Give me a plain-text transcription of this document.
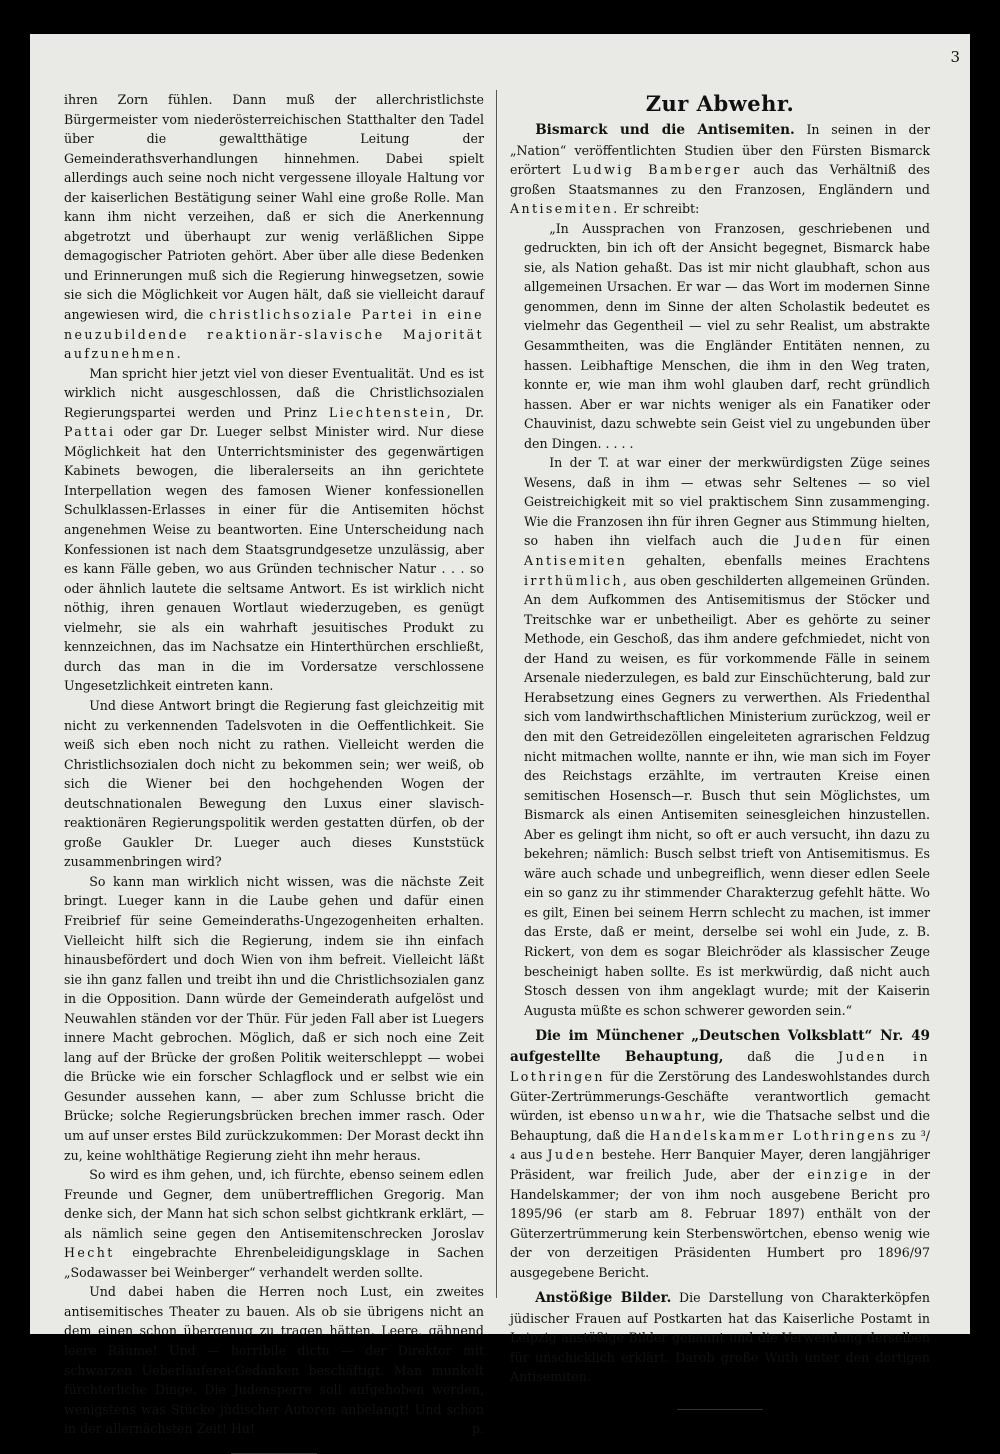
3

ihren Zorn fühlen. Dann muß der allerchristlichste Bürgermeister vom niederösterreichischen Statthalter den Tadel über die gewaltthätige Leitung der Gemeinderathsverhandlungen hinnehmen. Dabei spielt allerdings auch seine noch nicht vergessene illoyale Haltung vor der kaiserlichen Bestätigung seiner Wahl eine große Rolle. Man kann ihm nicht verzeihen, daß er sich die Anerkennung abgetrotzt und überhaupt zur wenig verläßlichen Sippe demagogischer Patrioten gehört. Aber über alle diese Bedenken und Erinnerungen muß sich die Regierung hinwegsetzen, sowie sie sich die Möglichkeit vor Augen hält, daß sie vielleicht darauf angewiesen wird, die christlichsoziale Partei in eine neuzubildende reaktionär-slavische Majorität aufzunehmen.

Man spricht hier jetzt viel von dieser Eventualität. Und es ist wirklich nicht ausgeschlossen, daß die Christlichsozialen Regierungspartei werden und Prinz Liechtenstein, Dr. Pattai oder gar Dr. Lueger selbst Minister wird. Nur diese Möglichkeit hat den Unterrichtsminister des gegenwärtigen Kabinets bewogen, die liberalerseits an ihn gerichtete Interpellation wegen des famosen Wiener konfessionellen Schulklassen-Erlasses in einer für die Antisemiten höchst angenehmen Weise zu beantworten. Eine Unterscheidung nach Konfessionen ist nach dem Staatsgrundgesetze unzulässig, aber es kann Fälle geben, wo aus Gründen technischer Natur . . . so oder ähnlich lautete die seltsame Antwort. Es ist wirklich nicht nöthig, ihren genauen Wortlaut wiederzugeben, es genügt vielmehr, sie als ein wahrhaft jesuitisches Produkt zu kennzeichnen, das im Nachsatze ein Hinterthürchen erschließt, durch das man in die im Vordersatze verschlossene Ungesetzlichkeit eintreten kann.

Und diese Antwort bringt die Regierung fast gleichzeitig mit nicht zu verkennenden Tadelsvoten in die Oeffentlichkeit. Sie weiß sich eben noch nicht zu rathen. Vielleicht werden die Christlichsozialen doch nicht zu bekommen sein; wer weiß, ob sich die Wiener bei den hochgehenden Wogen der deutschnationalen Bewegung den Luxus einer slavisch-reaktionären Regierungspolitik werden gestatten dürfen, ob der große Gaukler Dr. Lueger auch dieses Kunststück zusammenbringen wird?

So kann man wirklich nicht wissen, was die nächste Zeit bringt. Lueger kann in die Laube gehen und dafür einen Freibrief für seine Gemeinderaths-Ungezogenheiten erhalten. Vielleicht hilft sich die Regierung, indem sie ihn einfach hinausbefördert und doch Wien von ihm befreit. Vielleicht läßt sie ihn ganz fallen und treibt ihn und die Christlichsozialen ganz in die Opposition. Dann würde der Gemeinderath aufgelöst und Neuwahlen ständen vor der Thür. Für jeden Fall aber ist Luegers innere Macht gebrochen. Möglich, daß er sich noch eine Zeit lang auf der Brücke der großen Politik weiterschleppt — wobei die Brücke wie ein forscher Schlagflock und er selbst wie ein Gesunder aussehen kann, — aber zum Schlusse bricht die Brücke; solche Regierungsbrücken brechen immer rasch. Oder um auf unser erstes Bild zurückzukommen: Der Morast deckt ihn zu, keine wohlthätige Regierung zieht ihn mehr heraus.

So wird es ihm gehen, und, ich fürchte, ebenso seinem edlen Freunde und Gegner, dem unübertrefflichen Gregorig. Man denke sich, der Mann hat sich schon selbst gichtkrank erklärt, — als nämlich seine gegen den Antisemitenschrecken Joroslav Hecht eingebrachte Ehrenbeleidigungsklage in Sachen „Sodawasser bei Weinberger“ verhandelt werden sollte.

Und dabei haben die Herren noch Lust, ein zweites antisemitisches Theater zu bauen. Als ob sie übrigens nicht an dem einen schon übergenug zu tragen hätten. Leere, gähnend leere Räume! Und — horribile dictu — der Direktor mit schwarzen Ueberläuferei-Gedanken beschäftigt. Man munkelt fürchterliche Dinge. Die Judensperre soll aufgehoben werden, wenigstens was Stücke jüdischer Autoren anbelangt! Und schon in der allernächsten Zeit! Hu!	p.

Zur Abwehr.

Bismarck und die Antisemiten. In seinen in der „Nation“ veröffentlichten Studien über den Fürsten Bismarck erörtert Ludwig Bamberger auch das Verhältniß des großen Staatsmannes zu den Franzosen, Engländern und Antisemiten. Er schreibt:

„In Aussprachen von Franzosen, geschriebenen und gedruckten, bin ich oft der Ansicht begegnet, Bismarck habe sie, als Nation gehaßt. Das ist mir nicht glaubhaft, schon aus allgemeinen Ursachen. Er war — das Wort im modernen Sinne genommen, denn im Sinne der alten Scholastik bedeutet es vielmehr das Gegentheil — viel zu sehr Realist, um abstrakte Gesammtheiten, was die Engländer Entitäten nennen, zu hassen. Leibhaftige Menschen, die ihm in den Weg traten, konnte er, wie man ihm wohl glauben darf, recht gründlich hassen. Aber er war nichts weniger als ein Fanatiker oder Chauvinist, dazu schwebte sein Geist viel zu ungebunden über den Dingen. . . . .

In der T. at war einer der merkwürdigsten Züge seines Wesens, daß in ihm — etwas sehr Seltenes — so viel Geistreichigkeit mit so viel praktischem Sinn zusammenging. Wie die Franzosen ihn für ihren Gegner aus Stimmung hielten, so haben ihn vielfach auch die Juden für einen Antisemiten gehalten, ebenfalls meines Erachtens irrthümlich, aus oben geschilderten allgemeinen Gründen. An dem Aufkommen des Antisemitismus der Stöcker und Treitschke war er unbetheiligt. Aber es gehörte zu seiner Methode, ein Geschoß, das ihm andere gefchmiedet, nicht von der Hand zu weisen, es für vorkommende Fälle in seinem Arsenale niederzulegen, es bald zur Einschüchterung, bald zur Herabsetzung eines Gegners zu verwerthen. Als Friedenthal sich vom landwirthschaftlichen Ministerium zurückzog, weil er den mit den Getreidezöllen eingeleiteten agrarischen Feldzug nicht mitmachen wollte, nannte er ihn, wie man sich im Foyer des Reichstags erzählte, im vertrauten Kreise einen semitischen Hosensch—r. Busch thut sein Möglichstes, um Bismarck als einen Antisemiten seinesgleichen hinzustellen. Aber es gelingt ihm nicht, so oft er auch versucht, ihn dazu zu bekehren; nämlich: Busch selbst trieft von Antisemitismus. Es wäre auch schade und unbegreiflich, wenn dieser edlen Seele ein so ganz zu ihr stimmender Charakterzug gefehlt hätte. Wo es gilt, Einen bei seinem Herrn schlecht zu machen, ist immer das Erste, daß er meint, derselbe sei wohl ein Jude, z. B. Rickert, von dem es sogar Bleichröder als klassischer Zeuge bescheinigt haben sollte. Es ist merkwürdig, daß nicht auch Stosch dessen von ihm angeklagt wurde; mit der Kaiserin Augusta müßte es schon schwerer geworden sein.“

Die im Münchener „Deutschen Volksblatt“ Nr. 49 aufgestellte Behauptung, daß die Juden in Lothringen für die Zerstörung des Landeswohlstandes durch Güter-Zertrümmerungs-Geschäfte verantwortlich gemacht würden, ist ebenso unwahr, wie die Thatsache selbst und die Behauptung, daß die Handelskammer Lothringens zu ³/₄ aus Juden bestehe. Herr Banquier Mayer, deren langjähriger Präsident, war freilich Jude, aber der einzige in der Handelskammer; der von ihm noch ausgebene Bericht pro 1895/96 (er starb am 8. Februar 1897) enthält von der Güterzertrümmerung kein Sterbenswörtchen, ebenso wenig wie der von derzeitigen Präsidenten Humbert pro 1896/97 ausgegebene Bericht.

Anstößige Bilder. Die Darstellung von Charakterköpfen jüdischer Frauen auf Postkarten hat das Kaiserliche Postamt in Leipzig anstößige Bilder genannt und die Verwendung derselben für unschicklich erklärt. Darob große Wuth unter den dortigen Antisemiten.
